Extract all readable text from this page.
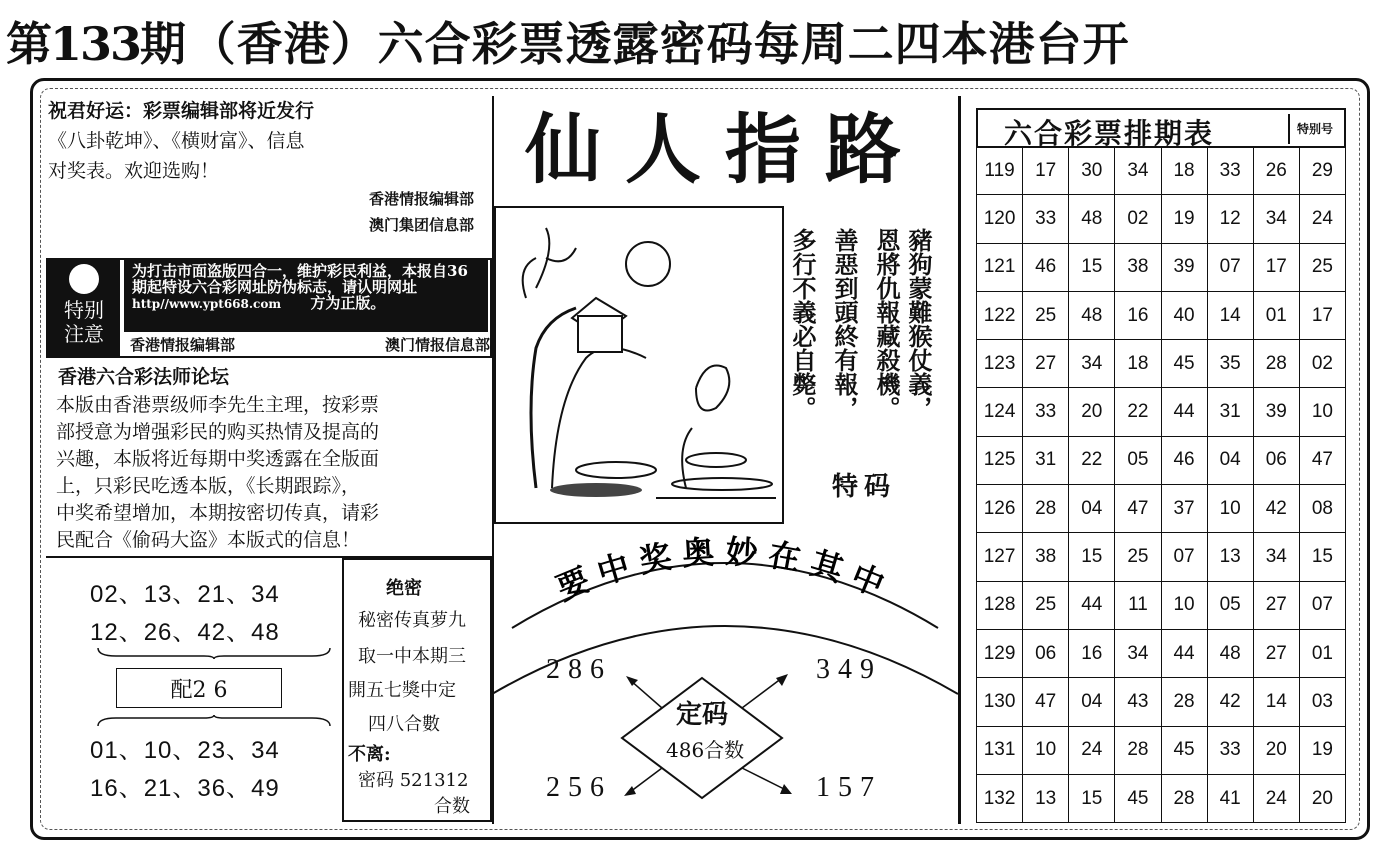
第133期 （香港）六合彩票透露密码每周二四本港台开

祝君好运：彩票编辑部将近发行

《八卦乾坤》、《横财富》、信息

对奖表。欢迎选购！

香港情报编辑部
澳门集团信息部
特别
注意
为打击市面盗版四合一，维护彩民利益，本报自36期起特设六合彩网址防伪标志，请认明网址
http//www.ypt668.com 方为正版。
香港情报编辑部	澳门情报信息部
香港六合彩法师论坛

本版由香港票级师李先生主理，按彩票

部授意为增强彩民的购买热情及提高的

兴趣，本版将近每期中奖透露在全版面

上，只彩民吃透本版，《长期跟踪》，

中奖希望增加，本期按密切传真，请彩

民配合《偷码大盗》本版式的信息！

02、13、21、34
12、26、42、48
配2 6
01、10、23、34
16、21、36、49
绝密
秘密传真萝九
取一中本期三
開五七獎中定
四八合數
不离:
密码 521312
合数
仙人指路
豬狗蒙難猴仗義，
恩將仇報藏殺機。
善惡到頭終有報，
多行不義必自斃。
特码
要中奖奥妙在其中
286	349
256	157
定码
486合数
六合彩票排期表	特别号
119	17	30	34	18	33	26	29
120	33	48	02	19	12	34	24
121	46	15	38	39	07	17	25
122	25	48	16	40	14	01	17
123	27	34	18	45	35	28	02
124	33	20	22	44	31	39	10
125	31	22	05	46	04	06	47
126	28	04	47	37	10	42	08
127	38	15	25	07	13	34	15
128	25	44	11	10	05	27	07
129	06	16	34	44	48	27	01
130	47	04	43	28	42	14	03
131	10	24	28	45	33	20	19
132	13	15	45	28	41	24	20
